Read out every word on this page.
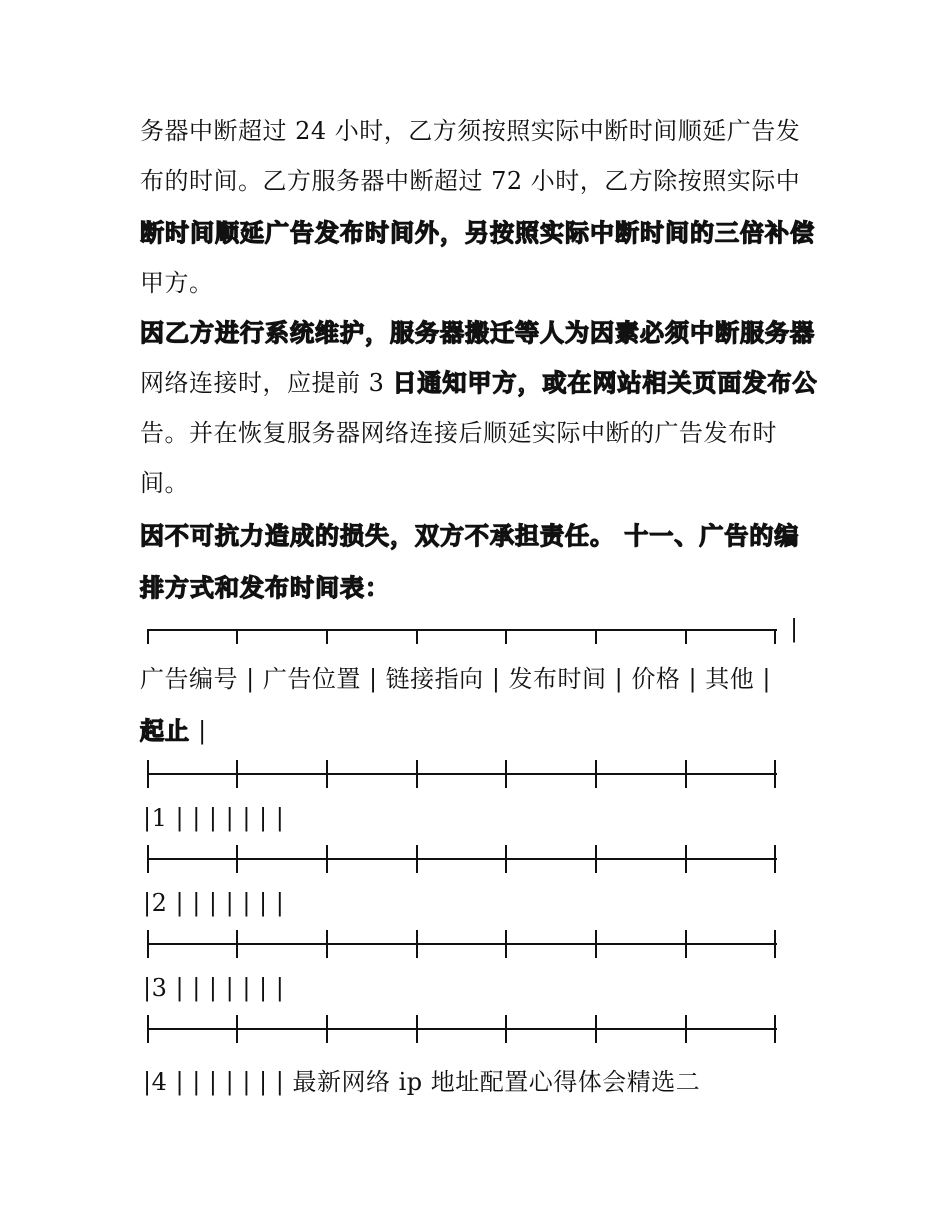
务器中断超过 24 小时，乙方须按照实际中断时间顺延广告发
布的时间。乙方服务器中断超过 72 小时，乙方除按照实际中
断时间顺延广告发布时间外，另按照实际中断时间的三倍补偿
甲方。
因乙方进行系统维护，服务器搬迁等人为因素必须中断服务器
网络连接时，应提前 3 日通知甲方，或在网站相关页面发布公
告。并在恢复服务器网络连接后顺延实际中断的广告发布时
间。
因不可抗力造成的损失，双方不承担责任。 十一、广告的编
排方式和发布时间表：
|
广告编号 | 广告位置 | 链接指向 | 发布时间 | 价格 | 其他 |
起止 |
|1 | | | | | | |
|2 | | | | | | |
|3 | | | | | | |
|4 | | | | | | | 最新网络 ip 地址配置心得体会精选二
